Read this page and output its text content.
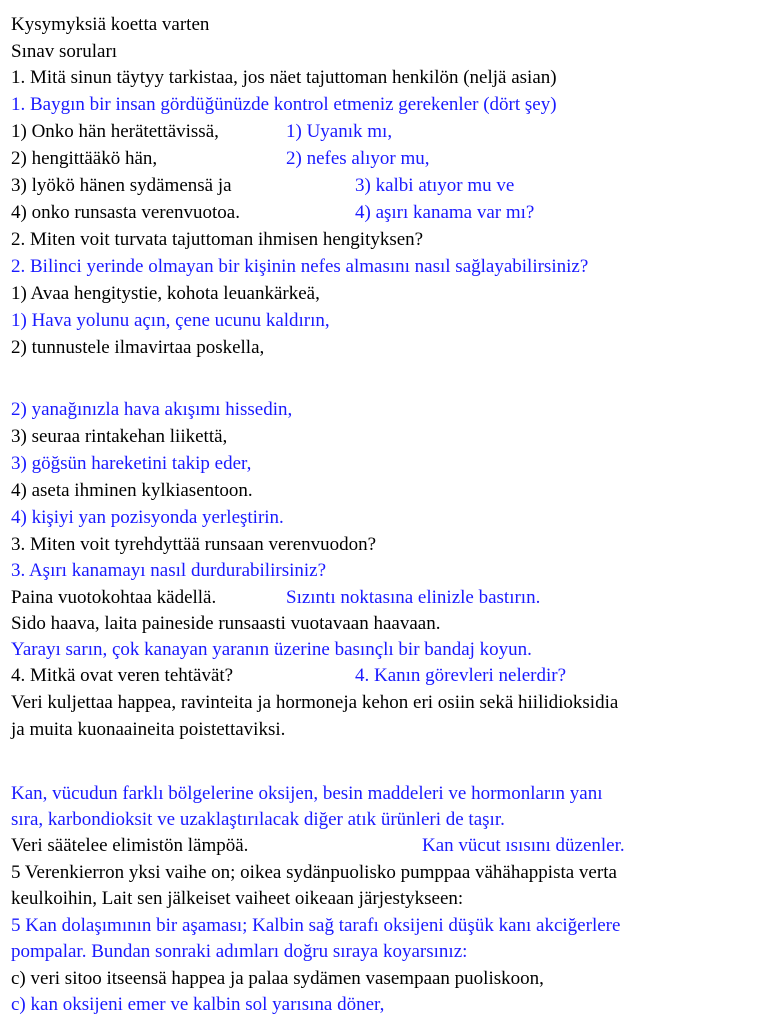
Kysymyksiä koetta varten
Sınav soruları
1. Mitä sinun täytyy tarkistaa, jos näet tajuttoman henkilön (neljä asian)
1. Baygın bir insan gördüğünüzde kontrol etmeniz gerekenler (dört şey)
1) Onko hän herätettävissä,	1) Uyanık mı,
2) hengittääkö hän,	2) nefes alıyor mu,
3) lyökö hänen sydämensä ja	3) kalbi atıyor mu ve
4) onko runsasta verenvuotoa.	4) aşırı kanama var mı?
2. Miten voit turvata tajuttoman ihmisen hengityksen?
2. Bilinci yerinde olmayan bir kişinin nefes almasını nasıl sağlayabilirsiniz?
1) Avaa hengitystie, kohota leuankärkeä,
1) Hava yolunu açın, çene ucunu kaldırın,
2) tunnustele ilmavirtaa poskella,
2) yanağınızla hava akışımı hissedin,
3) seuraa rintakehan liikettä,
3) göğsün hareketini takip eder,
4) aseta ihminen kylkiasentoon.
4) kişiyi yan pozisyonda yerleştirin.
3. Miten voit tyrehdyttää runsaan verenvuodon?
3. Aşırı kanamayı nasıl durdurabilirsiniz?
Paina vuotokohtaa kädellä.	Sızıntı noktasına elinizle bastırın.
Sido haava, laita paineside runsaasti vuotavaan haavaan.
Yarayı sarın, çok kanayan yaranın üzerine basınçlı bir bandaj koyun.
4. Mitkä ovat veren tehtävät?	4. Kanın görevleri nelerdir?
Veri kuljettaa happea, ravinteita ja hormoneja kehon eri osiin sekä hiilidioksidia
ja muita kuonaaineita poistettaviksi.
Kan, vücudun farklı bölgelerine oksijen, besin maddeleri ve hormonların yanı
sıra, karbondioksit ve uzaklaştırılacak diğer atık ürünleri de taşır.
Veri säätelee elimistön lämpöä.	Kan vücut ısısını düzenler.
5 Verenkierron yksi vaihe on; oikea sydänpuolisko pumppaa vähähappista verta
keulkoihin, Lait sen jälkeiset vaiheet oikeaan järjestykseen:
5 Kan dolaşımının bir aşaması; Kalbin sağ tarafı oksijeni düşük kanı akciğerlere
pompalar. Bundan sonraki adımları doğru sıraya koyarsınız:
c) veri sitoo itseensä happea ja palaa sydämen vasempaan puoliskoon,
c) kan oksijeni emer ve kalbin sol yarısına döner,
